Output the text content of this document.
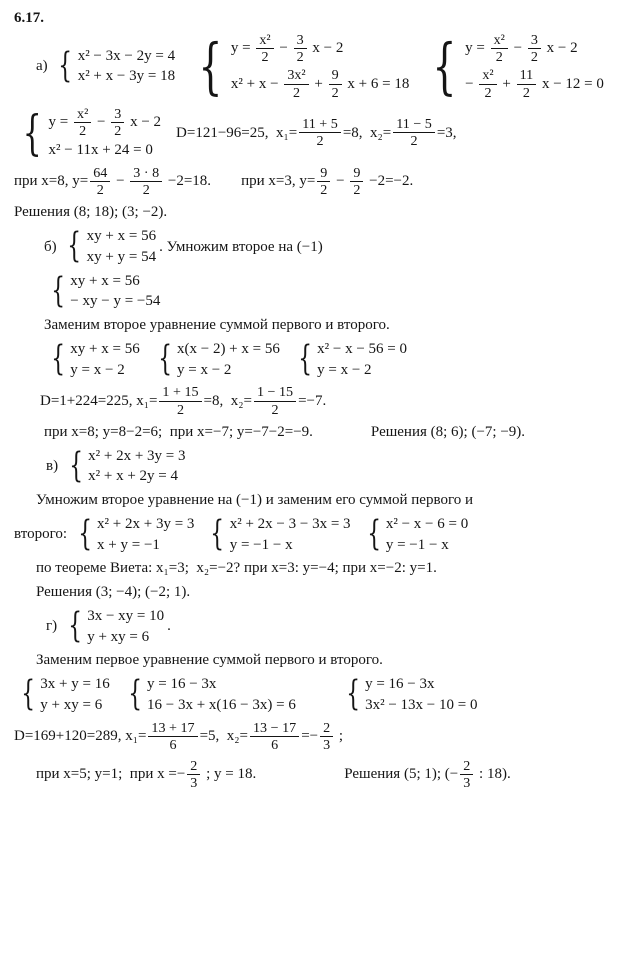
6.17.
а) { x² − 3x − 2y = 4
x² + x − 3y = 18 { $y = \frac{\text{x²}}{2} - \frac{3}{2}$ x − 2
$x^2 + x - \frac{\text{3x²}}{2} + \frac{9}{2}$ x + 6 = 18 { $y = \frac{\text{x²}}{2} - \frac{3}{2}$ x − 2
− $\frac{\text{x²}}{2} + \frac{11}{2}$ x − 12 = 0
{ $y = \frac{\text{x²}}{2} - \frac{3}{2}$ x − 2
x² − 11x + 24 = 0
D=121−96=25,  $x_1= \frac{11 + 5}{2} =8$,  $x_2= \frac{11 - 5}{2} =3$,
при x=8, $y= \frac{64}{2} - \frac{3 \cdot 8}{2} -2=18$. при x=3, $y= \frac{9}{2} - \frac{9}{2} -2=-2$.
Решения (8; 18); (3; −2).
б) { xy + x = 56
xy + y = 54
. Умножим второе на (−1)
{ xy + x = 56
− xy − y = −54
Заменим второе уравнение суммой первого и второго.
{ xy + x = 56
y = x − 2 { x(x − 2) + x = 56
y = x − 2 { x² − x − 56 = 0
y = x − 2
D=1+224=225, $x_1= \frac{1 + 15}{2} =8$,  $x_2= \frac{1 - 15}{2} =-7$.
при x=8; y=8−2=6;  при x=−7; y=−7−2=−9.	Решения (8; 6); (−7; −9).
в) { x² + 2x + 3y = 3
x² + x + 2y = 4
Умножим второе уравнение на (−1) и заменим его суммой первого и
второго: { x² + 2x + 3y = 3
x + y = −1 { x² + 2x − 3 − 3x = 3
y = −1 − x { x² − x − 6 = 0
y = −1 − x
по теореме Виета: x₁=3;  x₂=−2? при x=3: y=−4; при x=−2: y=1.
Решения (3; −4); (−2; 1).
г) { 3x − xy = 10
y + xy = 6
.
Заменим первое уравнение суммой первого и второго.
{ 3x + y = 16
y + xy = 6 { y = 16 − 3x
16 − 3x + x(16 − 3x) = 6 { y = 16 − 3x
3x² − 13x − 10 = 0
D=169+120=289, $x_1= \frac{13 + 17}{6} =5$,  $x_2= \frac{13 - 17}{6} =- \frac{2}{3}$ ;
при x=5; y=1;  при $x =- \frac{2}{3}$ ; y = 18.	Решения (5; 1); (− $\frac{2}{3}$ : 18).
